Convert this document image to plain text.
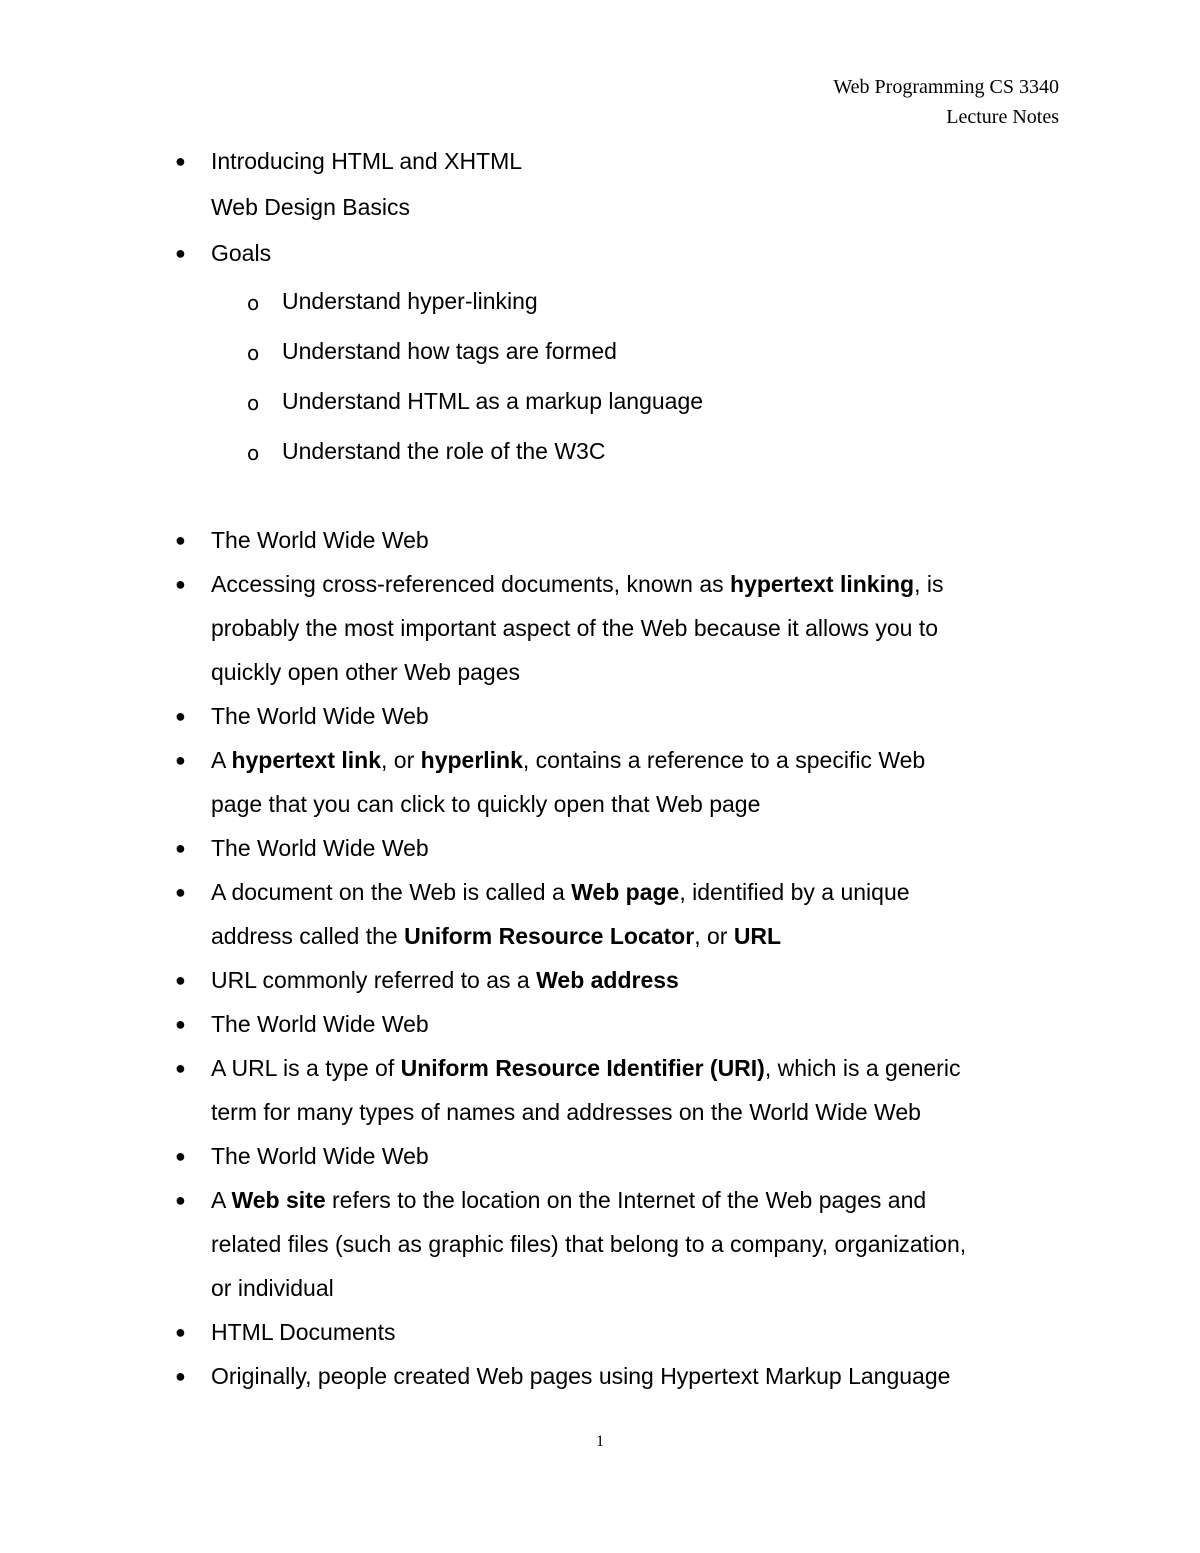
Web Programming CS 3340
Lecture Notes
● Introducing HTML and XHTML
Web Design Basics
● Goals
o Understand hyper-linking
o Understand how tags are formed
o Understand HTML as a markup language
o Understand the role of the W3C
● The World Wide Web
● Accessing cross-referenced documents, known as hypertext linking, is
probably the most important aspect of the Web because it allows you to
quickly open other Web pages
● The World Wide Web
● A hypertext link, or hyperlink, contains a reference to a specific Web
page that you can click to quickly open that Web page
● The World Wide Web
● A document on the Web is called a Web page, identified by a unique
address called the Uniform Resource Locator, or URL
● URL commonly referred to as a Web address
● The World Wide Web
● A URL is a type of Uniform Resource Identifier (URI), which is a generic
term for many types of names and addresses on the World Wide Web
● The World Wide Web
● A Web site refers to the location on the Internet of the Web pages and
related files (such as graphic files) that belong to a company, organization,
or individual
● HTML Documents
● Originally, people created Web pages using Hypertext Markup Language
1
